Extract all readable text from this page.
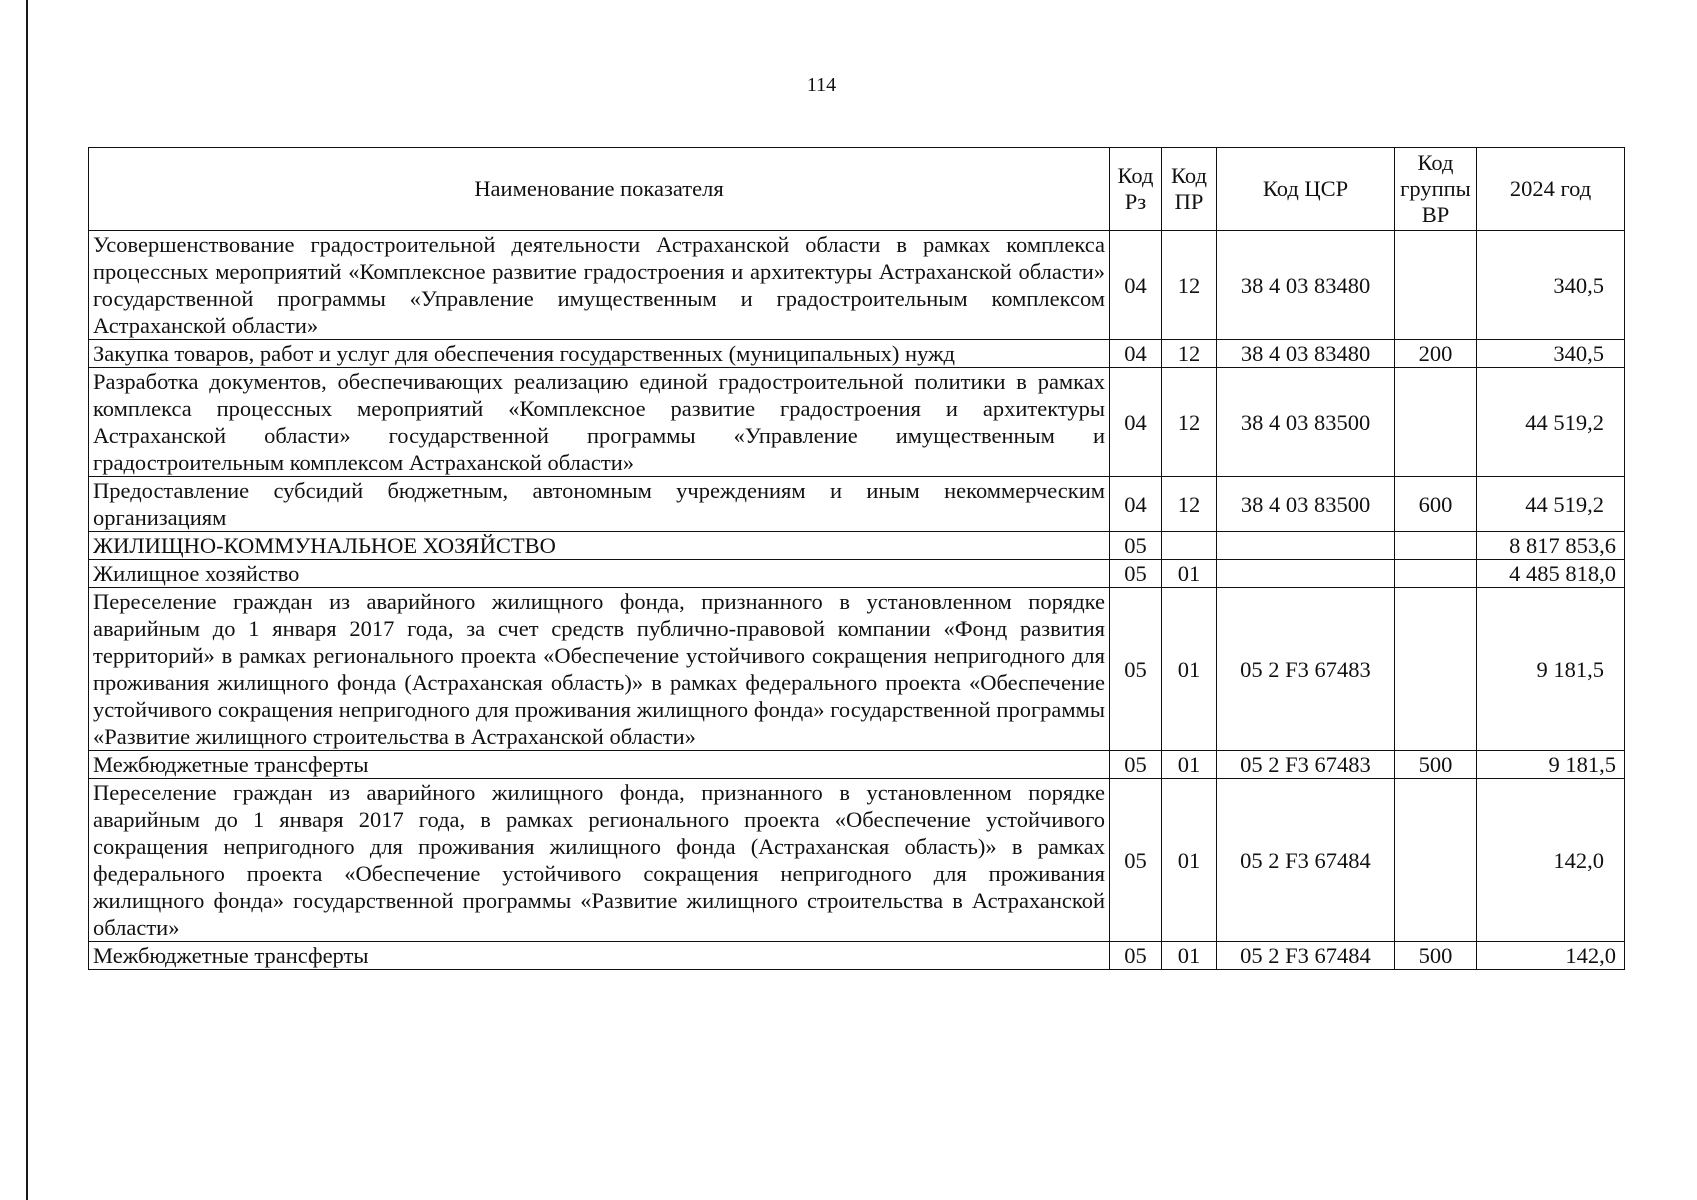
114
Наименование показателя	Код Рз	Код ПР	Код ЦСР	Код группы ВР	2024 год
Усовершенствование градостроительной деятельности Астраханской области в рамках комплекса процессных мероприятий «Комплексное развитие градостроения и архитектуры Астраханской области» государственной программы «Управление имущественным и градостроительным комплексом Астраханской области»	04	12	38 4 03 83480		340,5
Закупка товаров, работ и услуг для обеспечения государственных (муниципальных) нужд	04	12	38 4 03 83480	200	340,5
Разработка документов, обеспечивающих реализацию единой градостроительной политики в рамках комплекса процессных мероприятий «Комплексное развитие градостроения и архитектуры Астраханской области» государственной программы «Управление имущественным и градостроительным комплексом Астраханской области»	04	12	38 4 03 83500		44 519,2
Предоставление субсидий бюджетным, автономным учреждениям и иным некоммерческим организациям	04	12	38 4 03 83500	600	44 519,2
ЖИЛИЩНО-КОММУНАЛЬНОЕ ХОЗЯЙСТВО	05				8 817 853,6
Жилищное хозяйство	05	01			4 485 818,0
Переселение граждан из аварийного жилищного фонда, признанного в установленном порядке аварийным до 1 января 2017 года, за счет средств публично-правовой компании «Фонд развития территорий» в рамках регионального проекта «Обеспечение устойчивого сокращения непригодного для проживания жилищного фонда (Астраханская область)» в рамках федерального проекта «Обеспечение устойчивого сокращения непригодного для проживания жилищного фонда» государственной программы «Развитие жилищного строительства в Астраханской области»	05	01	05 2 F3 67483		9 181,5
Межбюджетные трансферты	05	01	05 2 F3 67483	500	9 181,5
Переселение граждан из аварийного жилищного фонда, признанного в установленном порядке аварийным до 1 января 2017 года, в рамках регионального проекта «Обеспечение устойчивого сокращения непригодного для проживания жилищного фонда (Астраханская область)» в рамках федерального проекта «Обеспечение устойчивого сокращения непригодного для проживания жилищного фонда» государственной программы «Развитие жилищного строительства в Астраханской области»	05	01	05 2 F3 67484		142,0
Межбюджетные трансферты	05	01	05 2 F3 67484	500	142,0
